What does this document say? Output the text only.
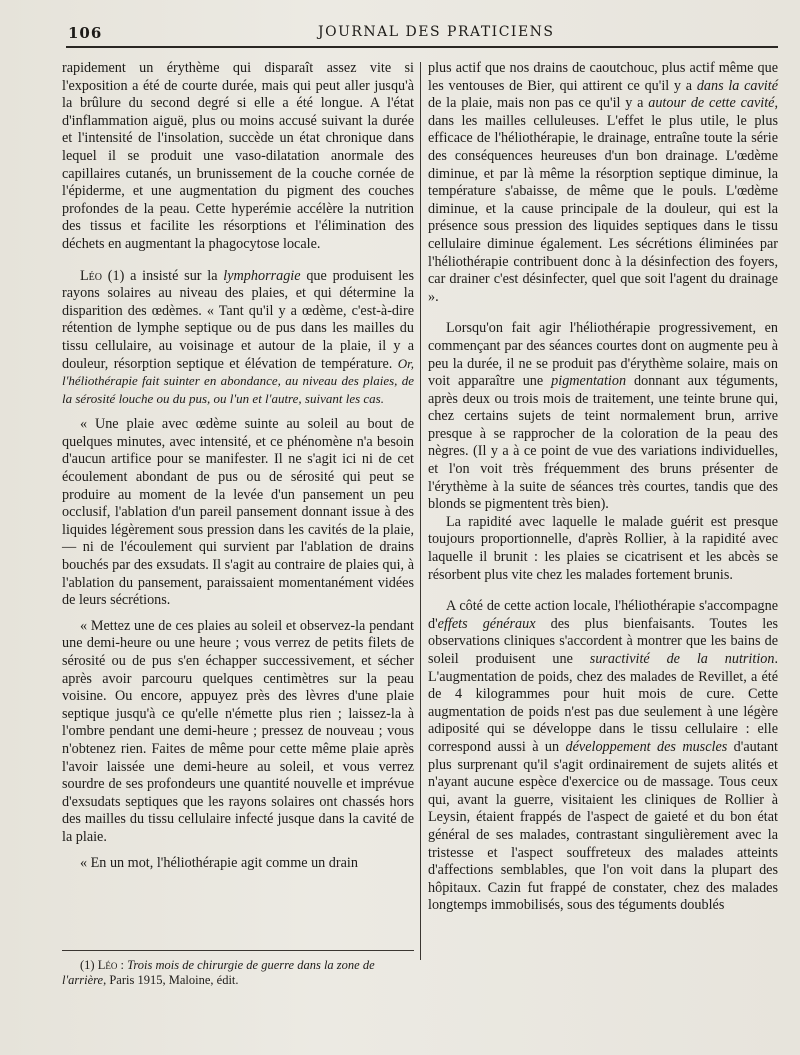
106	JOURNAL DES PRATICIENS

rapidement un érythème qui disparaît assez vite si l'exposition a été de courte durée, mais qui peut aller jusqu'à la brûlure du second degré si elle a été longue. A l'état d'inflammation aiguë, plus ou moins accusé suivant la durée et l'intensité de l'insolation, succède un état chronique dans lequel il se produit une vaso-dilatation anormale des capillaires cutanés, un brunissement de la couche cornée de l'épiderme, et une augmentation du pigment des couches profondes de la peau. Cette hyperémie accélère la nutrition des tissus et facilite les résorptions et l'élimination des déchets en augmentant la phagocytose locale.

Léo (1) a insisté sur la lymphorragie que produisent les rayons solaires au niveau des plaies, et qui détermine la disparition des œdèmes. « Tant qu'il y a œdème, c'est-à-dire rétention de lymphe septique ou de pus dans les mailles du tissu cellulaire, au voisinage et autour de la plaie, il y a douleur, résorption septique et élévation de température. Or, l'héliothérapie fait suinter en abondance, au niveau des plaies, de la sérosité louche ou du pus, ou l'un et l'autre, suivant les cas.

« Une plaie avec œdème suinte au soleil au bout de quelques minutes, avec intensité, et ce phénomène n'a besoin d'aucun artifice pour se manifester. Il ne s'agit ici ni de cet écoulement abondant de pus ou de sérosité qui peut se produire au moment de la levée d'un pansement un peu occlusif, l'ablation d'un pareil pansement donnant issue à des liquides légèrement sous pression dans les cavités de la plaie, — ni de l'écoulement qui survient par l'ablation de drains bouchés par des exsudats. Il s'agit au contraire de plaies qui, à l'ablation du pansement, paraissaient momentanément vidées de leurs sécrétions.

« Mettez une de ces plaies au soleil et observez-la pendant une demi-heure ou une heure ; vous verrez de petits filets de sérosité ou de pus s'en échapper successivement, et sécher après avoir parcouru quelques centimètres sur la peau voisine. Ou encore, appuyez près des lèvres d'une plaie septique jusqu'à ce qu'elle n'émette plus rien ; laissez-la à l'ombre pendant une demi-heure ; pressez de nouveau ; vous n'obtenez rien. Faites de même pour cette même plaie après l'avoir laissée une demi-heure au soleil, et vous verrez sourdre de ses profondeurs une quantité nouvelle et imprévue d'exsudats septiques que les rayons solaires ont chassés hors des mailles du tissu cellulaire infecté jusque dans la cavité de la plaie.

« En un mot, l'héliothérapie agit comme un drain

(1) Léo : Trois mois de chirurgie de guerre dans la zone de l'arrière, Paris 1915, Maloine, édit.

plus actif que nos drains de caoutchouc, plus actif même que les ventouses de Bier, qui attirent ce qu'il y a dans la cavité de la plaie, mais non pas ce qu'il y a autour de cette cavité, dans les mailles celluleuses. L'effet le plus utile, le plus efficace de l'héliothérapie, le drainage, entraîne toute la série des conséquences heureuses d'un bon drainage. L'œdème diminue, et par là même la résorption septique diminue, la température s'abaisse, de même que le pouls. L'œdème diminue, et la cause principale de la douleur, qui est la présence sous pression des liquides septiques dans le tissu cellulaire diminue également. Les sécrétions éliminées par l'héliothérapie contribuent donc à la désinfection des foyers, car drainer c'est désinfecter, quel que soit l'agent du drainage ».

Lorsqu'on fait agir l'héliothérapie progressivement, en commençant par des séances courtes dont on augmente peu à peu la durée, il ne se produit pas d'érythème solaire, mais on voit apparaître une pigmentation donnant aux téguments, après deux ou trois mois de traitement, une teinte brune qui, chez certains sujets de teint normalement brun, arrive presque à se rapprocher de la coloration de la peau des nègres. (Il y a à ce point de vue des variations individuelles, et l'on voit très fréquemment des bruns présenter de l'érythème à la suite de séances très courtes, tandis que des blonds se pigmentent très bien).

La rapidité avec laquelle le malade guérit est presque toujours proportionnelle, d'après Rollier, à la rapidité avec laquelle il brunit : les plaies se cicatrisent et les abcès se résorbent plus vite chez les malades fortement brunis.

A côté de cette action locale, l'héliothérapie s'accompagne d'effets généraux des plus bienfaisants. Toutes les observations cliniques s'accordent à montrer que les bains de soleil produisent une suractivité de la nutrition. L'augmentation de poids, chez des malades de Revillet, a été de 4 kilogrammes pour huit mois de cure. Cette augmentation de poids n'est pas due seulement à une légère adiposité qui se développe dans le tissu cellulaire : elle correspond aussi à un développement des muscles d'autant plus surprenant qu'il s'agit ordinairement de sujets alités et n'ayant aucune espèce d'exercice ou de massage. Tous ceux qui, avant la guerre, visitaient les cliniques de Rollier à Leysin, étaient frappés de l'aspect de gaieté et du bon état général de ses malades, contrastant singulièrement avec la tristesse et l'aspect souffreteux des malades atteints d'affections semblables, que l'on voit dans la plupart des hôpitaux. Cazin fut frappé de constater, chez des malades longtemps immobilisés, sous des téguments doublés
